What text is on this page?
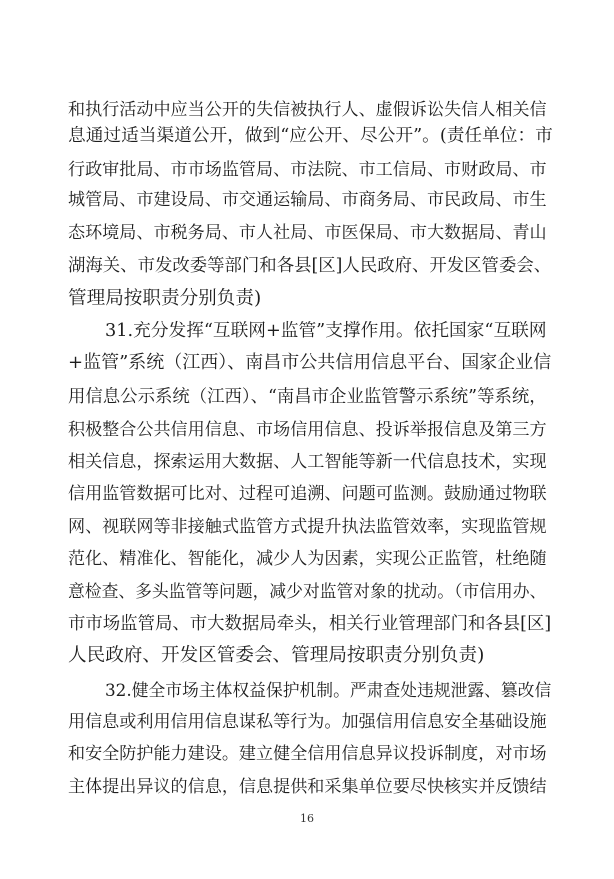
和执行活动中应当公开的失信被执行人、虚假诉讼失信人相关信
息通过适当渠道公开，做到“应公开、尽公开”。(责任单位：市
行政审批局、市市场监管局、市法院、市工信局、市财政局、市
城管局、市建设局、市交通运输局、市商务局、市民政局、市生
态环境局、市税务局、市人社局、市医保局、市大数据局、青山
湖海关、市发改委等部门和各县[区]人民政府、开发区管委会、
管理局按职责分别负责)
31.充分发挥“互联网+监管”支撑作用。依托国家“互联网
+监管”系统（江西）、南昌市公共信用信息平台、国家企业信
用信息公示系统（江西）、“南昌市企业监管警示系统”等系统，
积极整合公共信用信息、市场信用信息、投诉举报信息及第三方
相关信息，探索运用大数据、人工智能等新一代信息技术，实现
信用监管数据可比对、过程可追溯、问题可监测。鼓励通过物联
网、视联网等非接触式监管方式提升执法监管效率，实现监管规
范化、精准化、智能化，减少人为因素，实现公正监管，杜绝随
意检查、多头监管等问题，减少对监管对象的扰动。（市信用办、
市市场监管局、市大数据局牵头，相关行业管理部门和各县[区]
人民政府、开发区管委会、管理局按职责分别负责)
32.健全市场主体权益保护机制。严肃查处违规泄露、篡改信
用信息或利用信用信息谋私等行为。加强信用信息安全基础设施
和安全防护能力建设。建立健全信用信息异议投诉制度，对市场
主体提出异议的信息，信息提供和采集单位要尽快核实并反馈结
16
